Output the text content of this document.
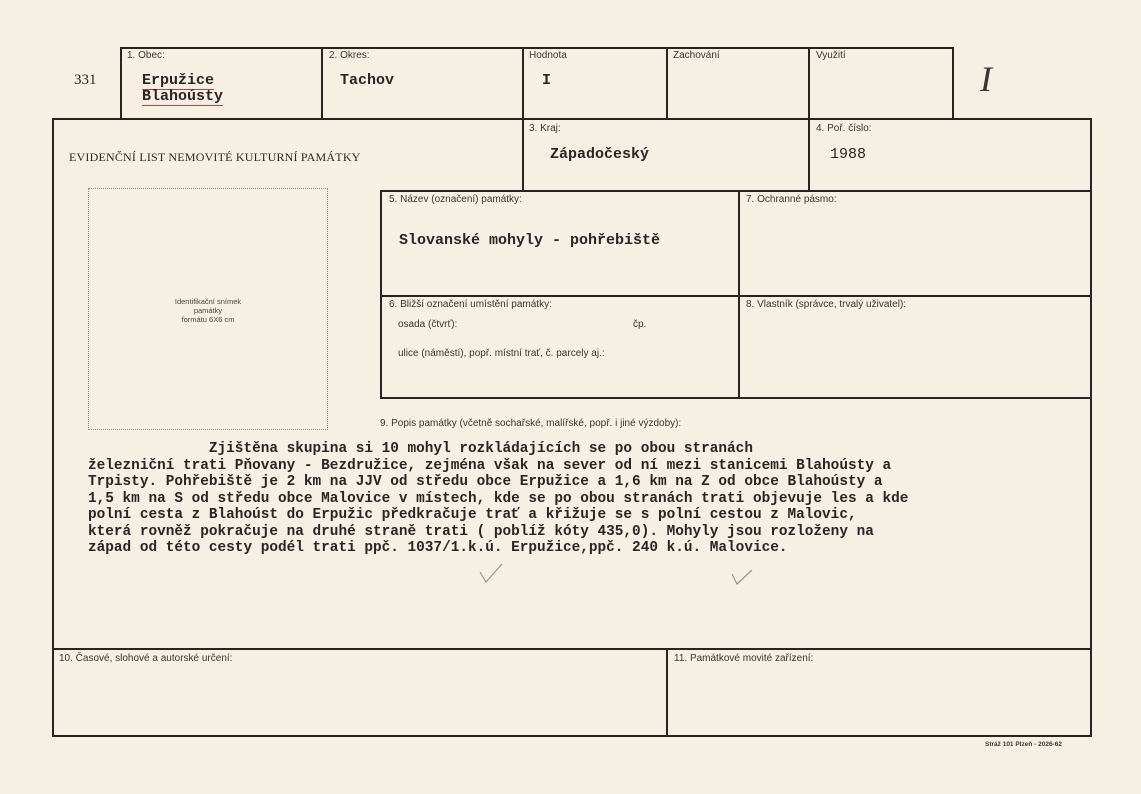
331
1. Obec:
Erpužice
Blahoústy
2. Okres:
Tachov
Hodnota
I
Zachování	Využití
I
EVIDENČNÍ LIST NEMOVITÉ KULTURNÍ PAMÁTKY
3. Kraj:
Západočeský
4. Poř. číslo:
1988
Identifikační snímek
památky
formátu 6X6 cm
5. Název (označení) památky:
Slovanské mohyly - pohřebiště
7. Ochranné pásmo:
6. Bližší označení umístění památky:
osada (čtvrť):	čp.
ulice (náměstí), popř. místní trať, č. parcely aj.:
8. Vlastník (správce, trvalý uživatel):
9. Popis památky (včetně sochařské, malířské, popř. i jiné výzdoby):
Zjištěna skupina si 10 mohyl rozkládajících se po obou stranách
železniční trati Pňovany - Bezdružice, zejména však na sever od ní mezi stanicemi Blahoústy a
Trpisty. Pohřebiště je 2 km na JJV od středu obce Erpužice a 1,6 km na Z od obce Blahoústy a
1,5 km na S od středu obce Malovice v místech, kde se po obou stranách trati objevuje les a kde
polní cesta z Blahoúst do Erpužic předkračuje trať a křižuje se s polní cestou z Malovic,
která rovněž pokračuje na druhé straně trati ( poblíž kóty 435,0). Mohyly jsou rozloženy na
západ od této cesty podél trati ppč. 1037/1.k.ú. Erpužice,ppč. 240 k.ú. Malovice.
10. Časové, slohové a autorské určení:	11. Památkové movité zařízení:
Stráž 101 Plzeň - 2026-62
